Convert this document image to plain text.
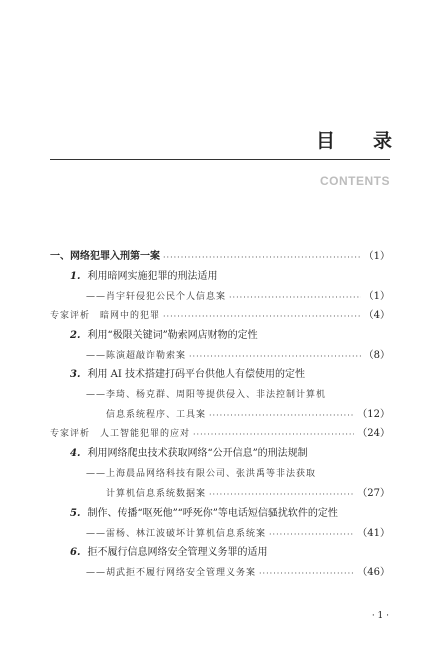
目 录
CONTENTS
一、网络犯罪入刑第一案 ·····	（1）
1. 利用暗网实施犯罪的刑法适用
——肖宇轩侵犯公民个人信息案 ·····	（1）
专家评析　暗网中的犯罪 ·····	（4）
2. 利用“极限关键词”勒索网店财物的定性
——陈演超敲诈勒索案 ·····	（8）
3. 利用 AI 技术搭建打码平台供他人有偿使用的定性
——李琦、杨克群、周阳等提供侵入、非法控制计算机
信息系统程序、工具案 ·····	（12）
专家评析　人工智能犯罪的应对 ·····	（24）
4. 利用网络爬虫技术获取网络“公开信息”的刑法规制
——上海晨品网络科技有限公司、张洪禹等非法获取
计算机信息系统数据案 ·····	（27）
5. 制作、传播“呕死他”“呼死你”等电话短信骚扰软件的定性
——雷杨、林江波破坏计算机信息系统案 ·····	（41）
6. 拒不履行信息网络安全管理义务罪的适用
——胡武拒不履行网络安全管理义务案 ·····	（46）
· 1 ·
